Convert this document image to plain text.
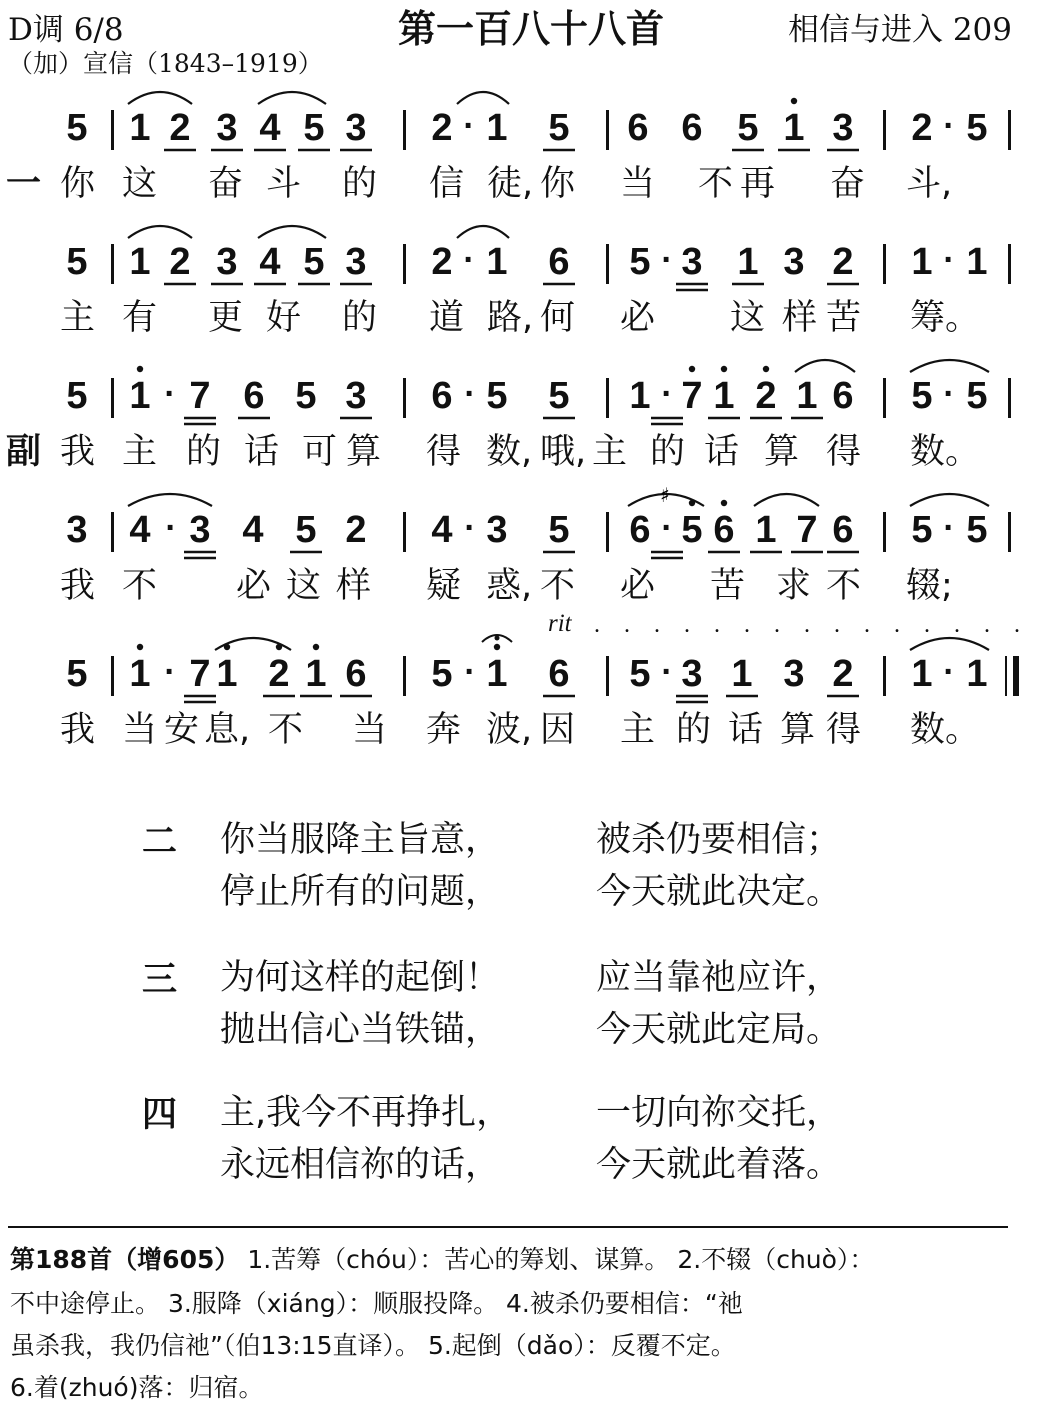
D调 6/8	第一百八十八首	相信与进入 209
（加）宣信（1843–1919）
5 1 2 3 4 5 3 2 · 1 5 6 6 5 1 3 2 · 5
一 你 这 奋 斗 的 信 徒, 你 当 不 再 奋 斗,
5 1 2 3 4 5 3 2 · 1 6 5 · 3 1 3 2 1 · 1
主 有 更 好 的 道 路, 何 必 这 样 苦 筹。
5 1 · 7 6 5 3 6 · 5 5 1 · 7 1 2 1 6 5 · 5
副 我 主 的 话 可 算 得 数, 哦, 主 的 话 算 得 数。
3 4 · 3 4 5 2 4 · 3 5 6 · 5 6 1 7 6 5 · 5
♯
我 不 必 这 样 疑 惑, 不 必 苦 求 不 辍;
5 1 · 7 1 2 1 6 5 · 1 6 5 · 3 1 3 2 1 · 1
我 当 安 息, 不 当 奔 波, 因 主 的 话 算 得 数。
rit . . . . . . . . . . . . . . .
二 你当服降主旨意，	被杀仍要相信；
停止所有的问题，	今天就此决定。
三 为何这样的起倒！	应当靠祂应许，
抛出信心当铁锚，	今天就此定局。
四 主,我今不再挣扎， 一切向祢交托，
永远相信祢的话，	今天就此着落。
第188首（增605） 1.苦筹（chóu）：苦心的筹划、谋算。 2.不辍（chuò）：
不中途停止。 3.服降（xiáng）：顺服投降。 4.被杀仍要相信：“祂
虽杀我，我仍信祂”（伯13:15直译）。 5.起倒（dǎo）：反覆不定。
6.着(zhuó)落：归宿。
